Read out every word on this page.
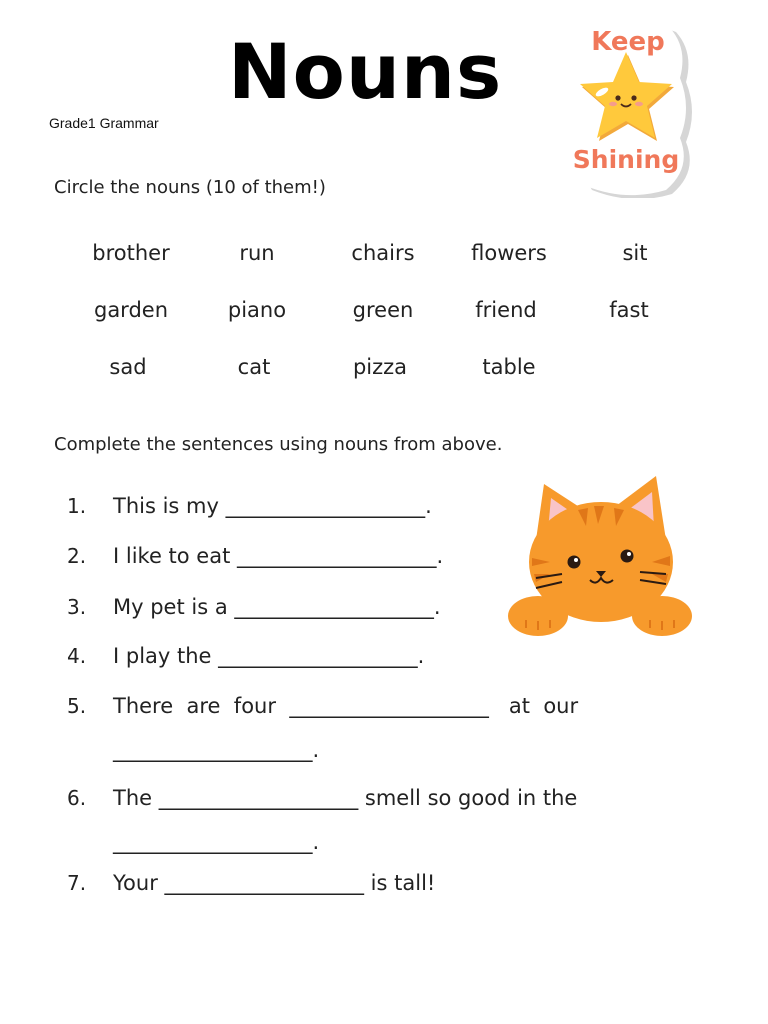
Nouns
Grade1 Grammar
Keep
Shining
Circle the nouns (10 of them!)
brother	run	chairs	flowers	sit
garden	piano	green	friend	fast
sad	cat	pizza	table
Complete the sentences using nouns from above.
1. This is my ___________________.
2. I like to eat ___________________.
3. My pet is a ___________________.
4. I play the ___________________.
5. There  are  four  ___________________   at  our
___________________.
6. The ___________________ smell so good in the
___________________.
7. Your ___________________ is tall!
